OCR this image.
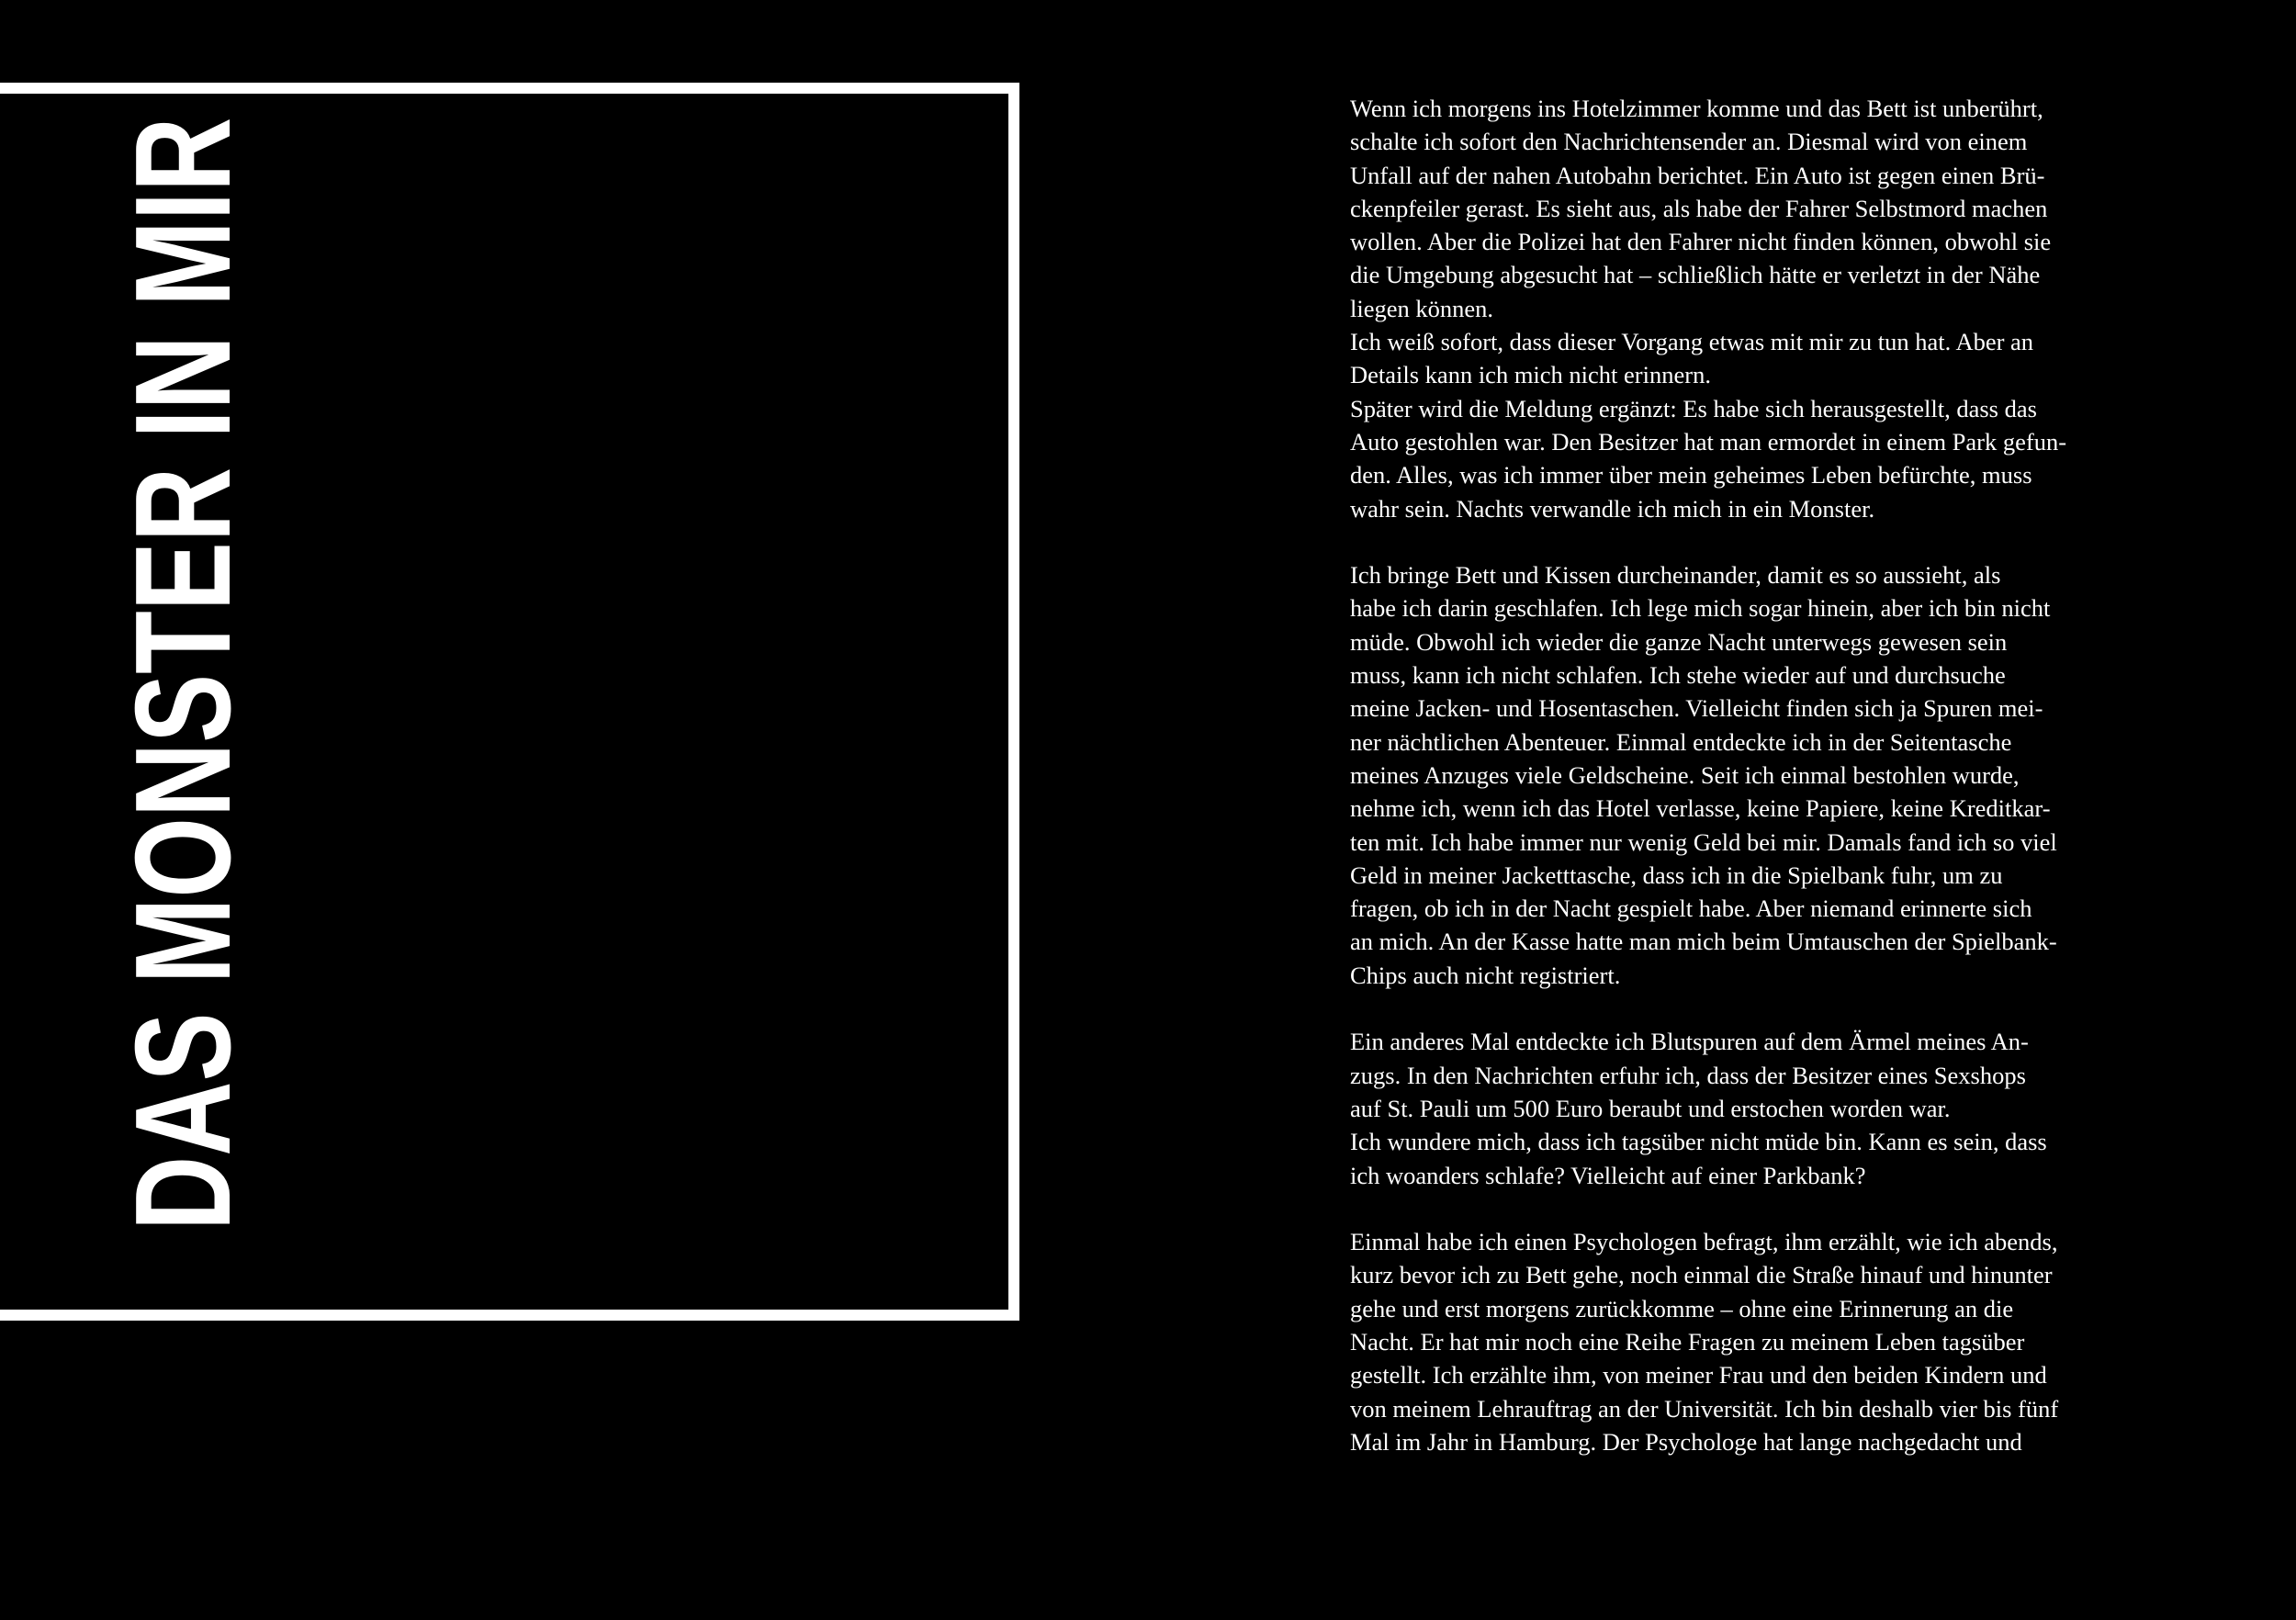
DAS MONSTER IN MIR
Wenn ich morgens ins Hotelzimmer komme und das Bett ist unberührt,
schalte ich sofort den Nachrichtensender an. Diesmal wird von einem
Unfall auf der nahen Autobahn berichtet. Ein Auto ist gegen einen Brü-
ckenpfeiler gerast. Es sieht aus, als habe der Fahrer Selbstmord machen
wollen. Aber die Polizei hat den Fahrer nicht finden können, obwohl sie
die Umgebung abgesucht hat – schließlich hätte er verletzt in der Nähe
liegen können.
Ich weiß sofort, dass dieser Vorgang etwas mit mir zu tun hat. Aber an
Details kann ich mich nicht erinnern.
Später wird die Meldung ergänzt: Es habe sich herausgestellt, dass das
Auto gestohlen war. Den Besitzer hat man ermordet in einem Park gefun-
den. Alles, was ich immer über mein geheimes Leben befürchte, muss
wahr sein. Nachts verwandle ich mich in ein Monster.
Ich bringe Bett und Kissen durcheinander, damit es so aussieht, als
habe ich darin geschlafen. Ich lege mich sogar hinein, aber ich bin nicht
müde. Obwohl ich wieder die ganze Nacht unterwegs gewesen sein
muss, kann ich nicht schlafen. Ich stehe wieder auf und durchsuche
meine Jacken- und Hosentaschen. Vielleicht finden sich ja Spuren mei-
ner nächtlichen Abenteuer. Einmal entdeckte ich in der Seitentasche
meines Anzuges viele Geldscheine. Seit ich einmal bestohlen wurde,
nehme ich, wenn ich das Hotel verlasse, keine Papiere, keine Kreditkar-
ten mit. Ich habe immer nur wenig Geld bei mir. Damals fand ich so viel
Geld in meiner Jacketttasche, dass ich in die Spielbank fuhr, um zu
fragen, ob ich in der Nacht gespielt habe. Aber niemand erinnerte sich
an mich. An der Kasse hatte man mich beim Umtauschen der Spielbank-
Chips auch nicht registriert.
Ein anderes Mal entdeckte ich Blutspuren auf dem Ärmel meines An-
zugs. In den Nachrichten erfuhr ich, dass der Besitzer eines Sexshops
auf St. Pauli um 500 Euro beraubt und erstochen worden war.
Ich wundere mich, dass ich tagsüber nicht müde bin. Kann es sein, dass
ich woanders schlafe? Vielleicht auf einer Parkbank?
Einmal habe ich einen Psychologen befragt, ihm erzählt, wie ich abends,
kurz bevor ich zu Bett gehe, noch einmal die Straße hinauf und hinunter
gehe und erst morgens zurückkomme – ohne eine Erinnerung an die
Nacht. Er hat mir noch eine Reihe Fragen zu meinem Leben tagsüber
gestellt. Ich erzählte ihm, von meiner Frau und den beiden Kindern und
von meinem Lehrauftrag an der Universität. Ich bin deshalb vier bis fünf
Mal im Jahr in Hamburg. Der Psychologe hat lange nachgedacht und
